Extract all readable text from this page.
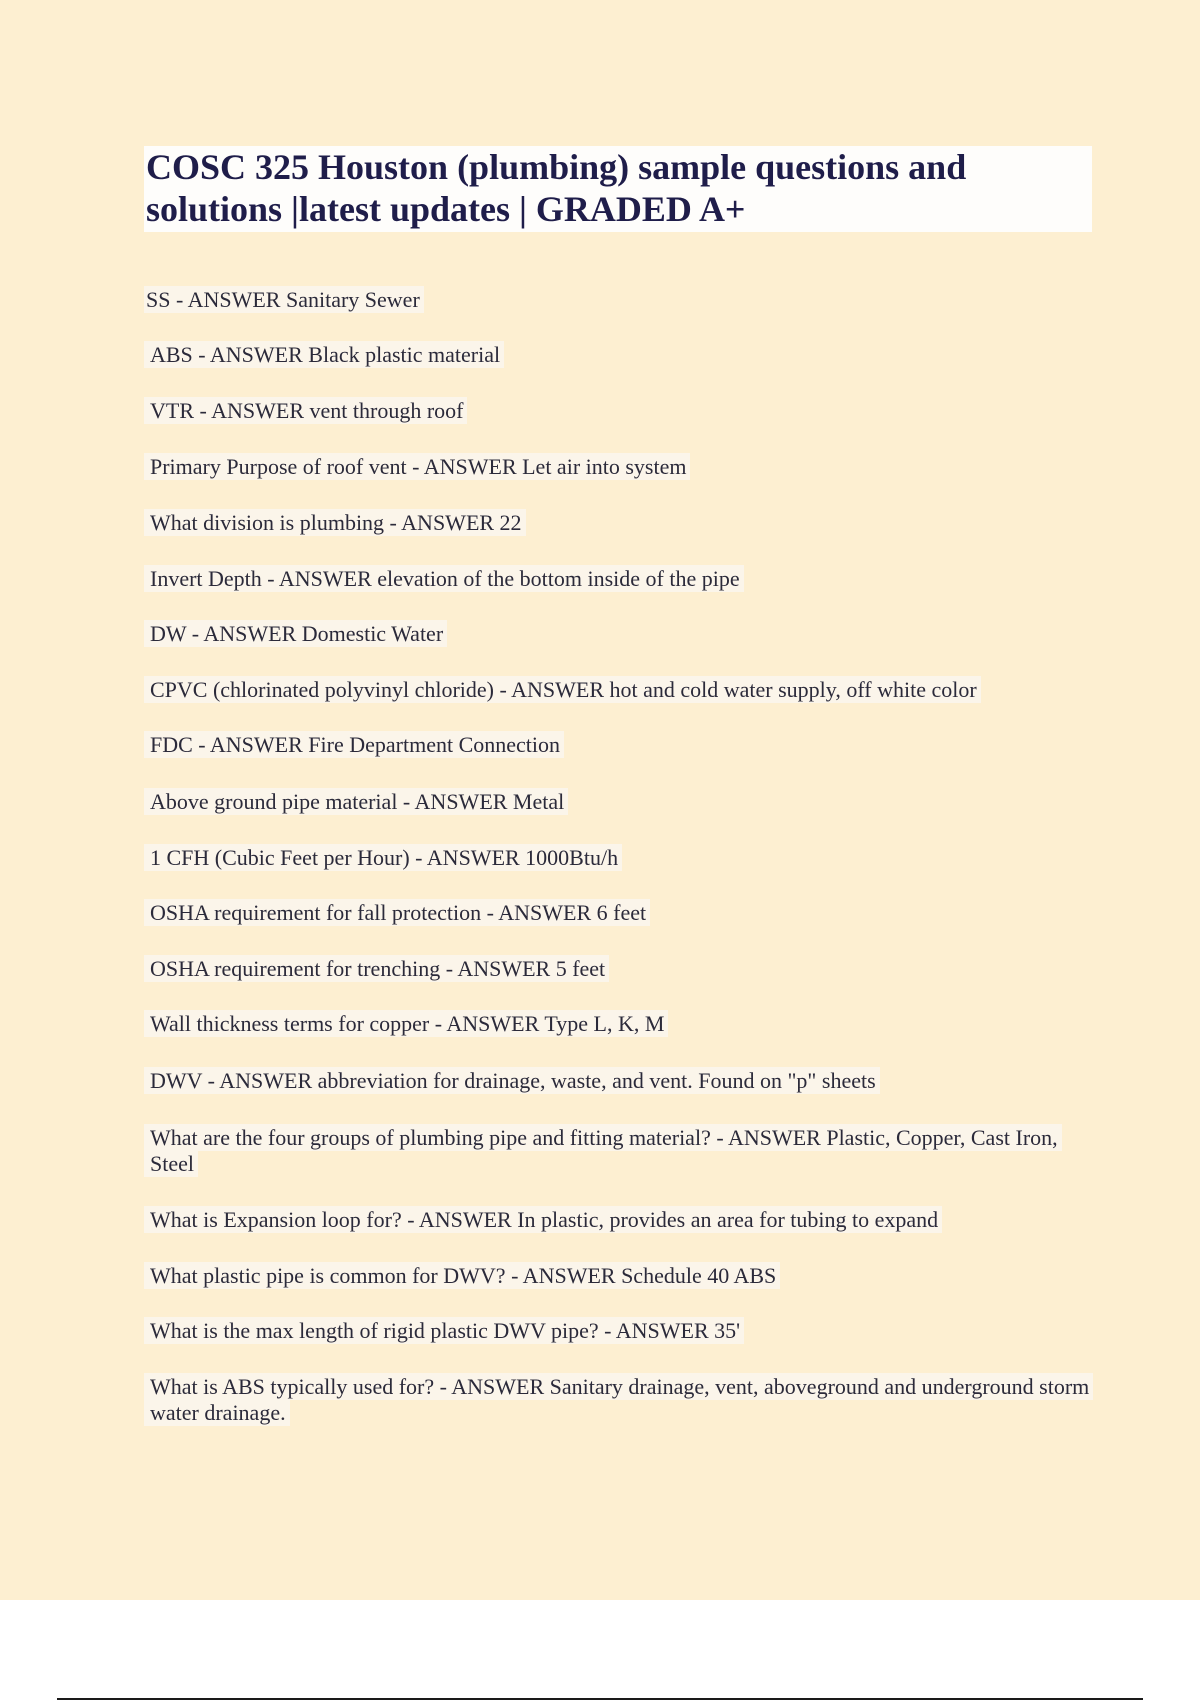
COSC 325 Houston (plumbing) sample questions and solutions |latest updates | GRADED A+
SS - ANSWER Sanitary Sewer
ABS - ANSWER Black plastic material
VTR - ANSWER vent through roof
Primary Purpose of roof vent - ANSWER Let air into system
What division is plumbing - ANSWER 22
Invert Depth - ANSWER elevation of the bottom inside of the pipe
DW - ANSWER Domestic Water
CPVC (chlorinated polyvinyl chloride) - ANSWER hot and cold water supply, off white color
FDC - ANSWER Fire Department Connection
Above ground pipe material - ANSWER Metal
1 CFH (Cubic Feet per Hour) - ANSWER 1000Btu/h
OSHA requirement for fall protection - ANSWER 6 feet
OSHA requirement for trenching - ANSWER 5 feet
Wall thickness terms for copper - ANSWER Type L, K, M
DWV - ANSWER abbreviation for drainage, waste, and vent. Found on "p" sheets
What are the four groups of plumbing pipe and fitting material? - ANSWER Plastic, Copper, Cast Iron, Steel
What is Expansion loop for? - ANSWER In plastic, provides an area for tubing to expand
What plastic pipe is common for DWV? - ANSWER Schedule 40 ABS
What is the max length of rigid plastic DWV pipe? - ANSWER 35'
What is ABS typically used for? - ANSWER Sanitary drainage, vent, aboveground and underground storm water drainage.
